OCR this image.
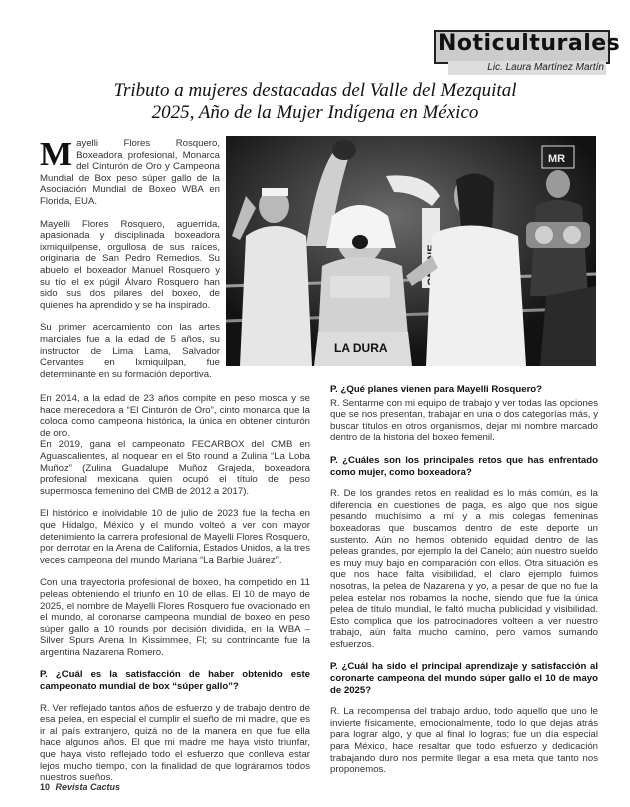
Noticulturales
Lic. Laura Martínez Martín
Tributo a mujeres destacadas del Valle del Mezquital
2025, Año de la Mujer Indígena en México
MR
LA DURA

Mayelli Flores Rosquero, Boxeadora profesional, Monarca del Cinturón de Oro y Campeona Mundial de Box peso súper gallo de la Asociación Mundial de Boxeo WBA en Florida, EUA.

Mayelli Flores Rosquero, aguerrida, apasionada y disciplinada boxeadora ixmiquilpense, orgullosa de sus raíces, originaria de San Pedro Remedios. Su abuelo el boxeador Manuel Rosquero y su tío el ex púgil Álvaro Rosquero han sido sus dos pilares del boxeo, de quienes ha aprendido y se ha inspirado.

Su primer acercamiento con las artes marciales fue a la edad de 5 años, su instructor de Lima Lama, Salvador Cervantes en Ixmiquilpan, fue determinante en su formación deportiva.

En 2014, a la edad de 23 años compite en peso mosca y se hace merecedora a “El Cinturón de Oro”, cinto monarca que la coloca como campeona histórica, la única en obtener cinturón de oro.

En 2019, gana el campeonato FECARBOX del CMB en Aguascalientes, al noquear en el 5to round a Zulina “La Loba Muñoz” (Zulina Guadalupe Muñoz Grajeda, boxeadora profesional mexicana quien ocupó el título de peso supermosca femenino del CMB de 2012 a 2017).

El histórico e inolvidable 10 de julio de 2023 fue la fecha en que Hidalgo, México y el mundo volteó a ver con mayor detenimiento la carrera profesional de Mayelli Flores Rosquero, por derrotar en la Arena de California, Estados Unidos, a la tres veces campeona del mundo Mariana “La Barbie Juárez”.

Con una trayectoria profesional de boxeo, ha competido en 11 peleas obteniendo el triunfo en 10 de ellas. El 10 de mayo de 2025, el nombre de Mayelli Flores Rosquero fue ovacionado en el mundo, al coronarse campeona mundial de boxeo en peso súper gallo a 10 rounds por decisión dividida, en la WBA –Silver Spurs Arena In Kissimmee, Fl; su contrincante fue la argentina Nazarena Romero.

P. ¿Cuál es la satisfacción de haber obtenido este campeonato mundial de box “súper gallo”?

R. Ver reflejado tantos años de esfuerzo y de trabajo dentro de esa pelea, en especial el cumplir el sueño de mi madre, que es ir al país extranjero, quizá no de la manera en que fue ella hace algunos años. El que mi madre me haya visto triunfar, que haya visto reflejado todo el esfuerzo que conlleva estar lejos mucho tiempo, con la finalidad de que lográramos todos nuestros sueños.

P. ¿Qué planes vienen para Mayelli Rosquero?

R. Sentarme con mi equipo de trabajo y ver todas las opciones que se nos presentan, trabajar en una o dos categorías más, y buscar títulos en otros organismos, dejar mi nombre marcado dentro de la historia del boxeo femenil.

P. ¿Cuáles son los principales retos que has enfrentado como mujer, como boxeadora?

R. De los grandes retos en realidad es lo más común, es la diferencia en cuestiones de paga, es algo que nos sigue pesando muchísimo a mí y a mis colegas femeninas boxeadoras que buscamos dentro de este deporte un sustento. Aún no hemos obtenido equidad dentro de las peleas grandes, por ejemplo la del Canelo; aún nuestro sueldo es muy muy bajo en comparación con ellos. Otra situación es que nos hace falta visibilidad, el claro ejemplo fuimos nosotras, la pelea de Nazarena y yo, a pesar de que no fue la pelea estelar nos robamos la noche, siendo que fue la única pelea de título mundial, le faltó mucha publicidad y visibilidad. Esto complica que los patrocinadores volteen a ver nuestro trabajo, aún falta mucho camino, pero vamos sumando esfuerzos.

P. ¿Cuál ha sido el principal aprendizaje y satisfacción al coronarte campeona del mundo súper gallo el 10 de mayo de 2025?

R. La recompensa del trabajo arduo, todo aquello que uno le invierte físicamente, emocionalmente, todo lo que dejas atrás para lograr algo, y que al final lo logras; fue un día especial para México, hace resaltar que todo esfuerzo y dedicación trabajando duro nos permite llegar a esa meta que tanto nos proponemos.

10 Revista Cactus
